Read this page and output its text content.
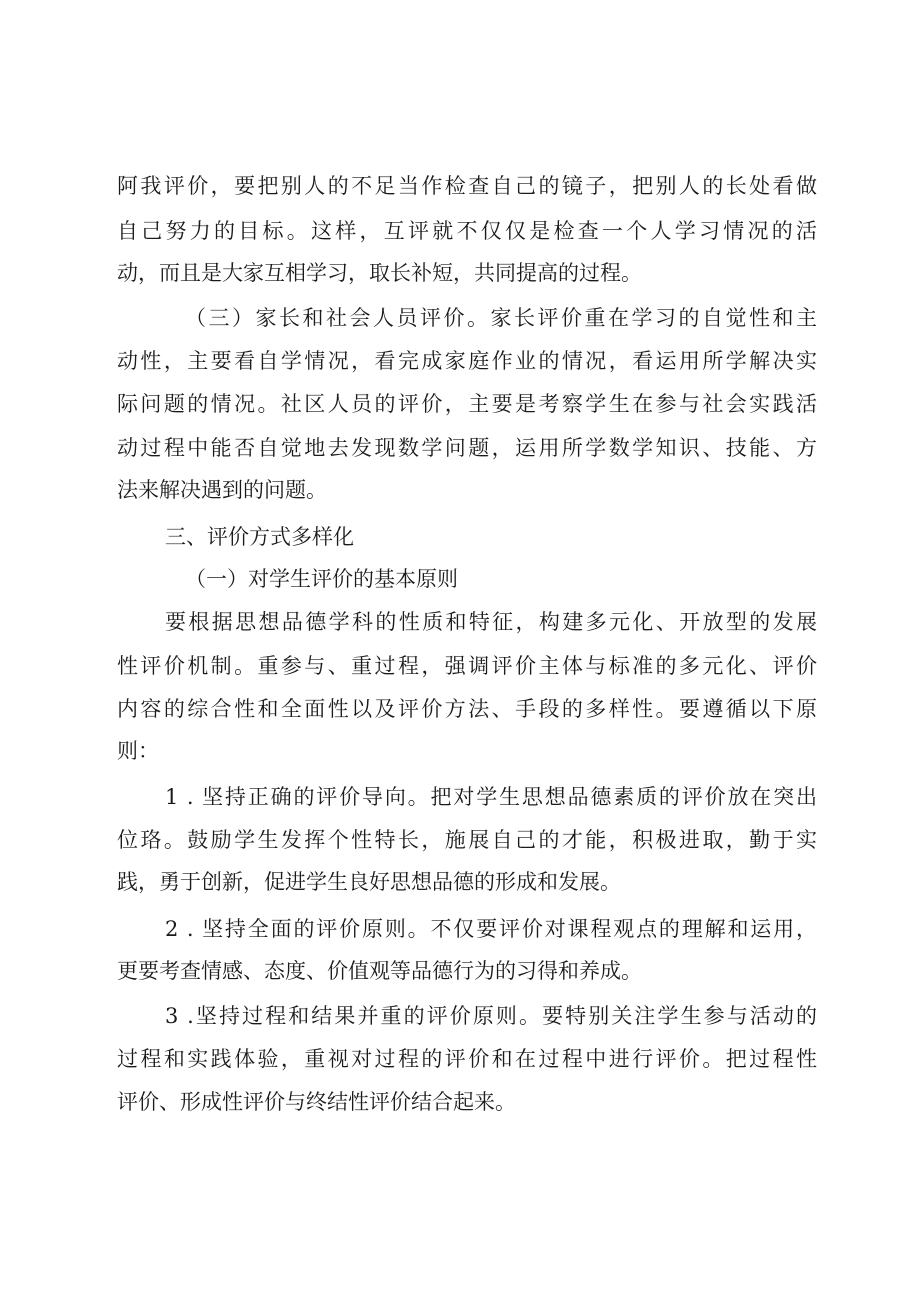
阿我评价，要把别人的不足当作检查自己的镜子，把别人的长处看做
自己努力的目标。这样，互评就不仅仅是检查一个人学习情况的活
动，而且是大家互相学习，取长补短，共同提高的过程。
（三）家长和社会人员评价。家长评价重在学习的自觉性和主
动性，主要看自学情况，看完成家庭作业的情况，看运用所学解决实
际问题的情况。社区人员的评价，主要是考察学生在参与社会实践活
动过程中能否自觉地去发现数学问题，运用所学数学知识、技能、方
法来解决遇到的问题。
三、评价方式多样化
（一）对学生评价的基本原则
要根据思想品德学科的性质和特征，构建多元化、开放型的发展
性评价机制。重参与、重过程，强调评价主体与标准的多元化、评价
内容的综合性和全面性以及评价方法、手段的多样性。要遵循以下原
则：
1 . 坚持正确的评价导向。把对学生思想品德素质的评价放在突出
位珞。鼓励学生发挥个性特长，施展自己的才能，积极进取，勤于实
践，勇于创新，促进学生良好思想品德的形成和发展。
2 . 坚持全面的评价原则。不仅要评价对课程观点的理解和运用，
更要考查情感、态度、价值观等品德行为的习得和养成。
3 .坚持过程和结果并重的评价原则。要特别关注学生参与活动的
过程和实践体验，重视对过程的评价和在过程中进行评价。把过程性
评价、形成性评价与终结性评价结合起来。
